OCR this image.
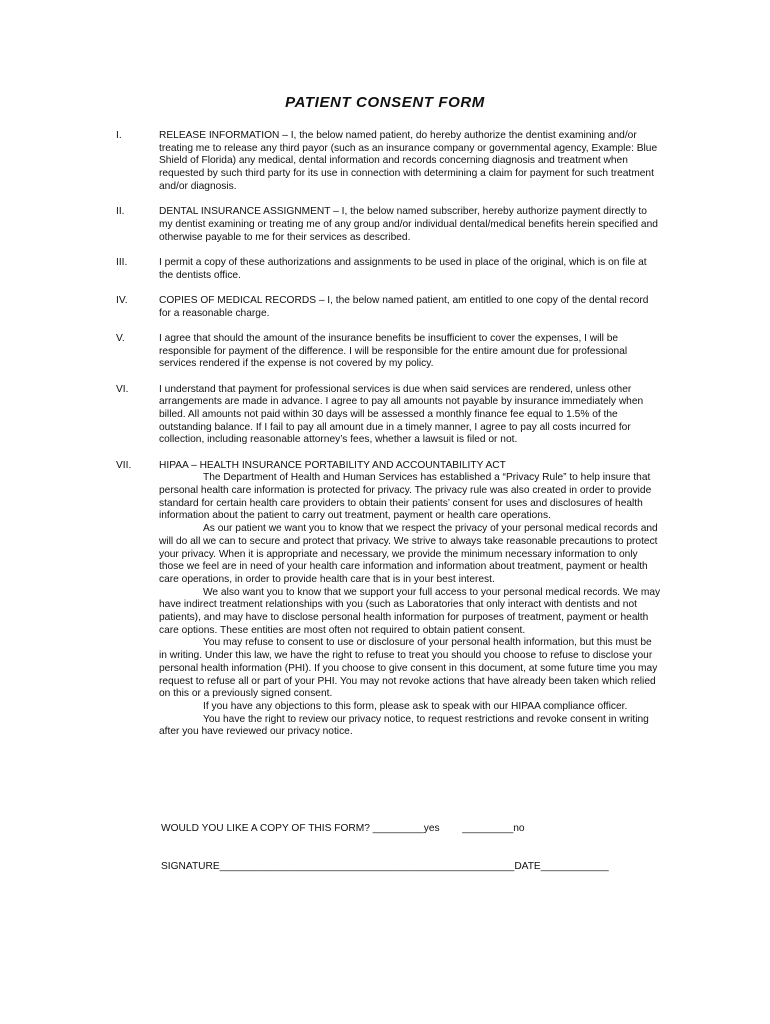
PATIENT CONSENT FORM
I.	RELEASE INFORMATION – I, the below named patient, do hereby authorize the dentist examining and/or treating me to release any third payor (such as an insurance company or governmental agency, Example: Blue Shield of Florida) any medical, dental information and records concerning diagnosis and treatment when requested by such third party for its use in connection with determining a claim for payment for such treatment and/or diagnosis.

II.	DENTAL INSURANCE ASSIGNMENT – I, the below named subscriber, hereby authorize payment directly to my dentist examining or treating me of any group and/or individual dental/medical benefits herein specified and otherwise payable to me for their services as described.

III.	I permit a copy of these authorizations and assignments to be used in place of the original, which is on file at the dentists office.

IV.	COPIES OF MEDICAL RECORDS – I, the below named patient, am entitled to one copy of the dental record for a reasonable charge.

V.	I agree that should the amount of the insurance benefits be insufficient to cover the expenses, I will be responsible for payment of the difference. I will be responsible for the entire amount due for professional services rendered if the expense is not covered by my policy.

VI.	I understand that payment for professional services is due when said services are rendered, unless other arrangements are made in advance. I agree to pay all amounts not payable by insurance immediately when billed. All amounts not paid within 30 days will be assessed a monthly finance fee equal to 1.5% of the outstanding balance. If I fail to pay all amount due in a timely manner, I agree to pay all costs incurred for collection, including reasonable attorney’s fees, whether a lawsuit is filed or not.

VII.	HIPAA – HEALTH INSURANCE PORTABILITY AND ACCOUNTABILITY ACT

The Department of Health and Human Services has established a “Privacy Rule” to help insure that personal health care information is protected for privacy. The privacy rule was also created in order to provide standard for certain health care providers to obtain their patients’ consent for uses and disclosures of health information about the patient to carry out treatment, payment or health care operations.

As our patient we want you to know that we respect the privacy of your personal medical records and will do all we can to secure and protect that privacy. We strive to always take reasonable precautions to protect your privacy. When it is appropriate and necessary, we provide the minimum necessary information to only those we feel are in need of your health care information and information about treatment, payment or health care operations, in order to provide health care that is in your best interest.

We also want you to know that we support your full access to your personal medical records. We may have indirect treatment relationships with you (such as Laboratories that only interact with dentists and not patients), and may have to disclose personal health information for purposes of treatment, payment or health care options. These entities are most often not required to obtain patient consent.

You may refuse to consent to use or disclosure of your personal health information, but this must be in writing. Under this law, we have the right to refuse to treat you should you choose to refuse to disclose your personal health information (PHI). If you choose to give consent in this document, at some future time you may request to refuse all or part of your PHI. You may not revoke actions that have already been taken which relied on this or a previously signed consent.

If you have any objections to this form, please ask to speak with our HIPAA compliance officer.

You have the right to review our privacy notice, to request restrictions and revoke consent in writing after you have reviewed our privacy notice.

WOULD YOU LIKE A COPY OF THIS FORM? _________yes _________no
SIGNATURE____________________________________________________DATE____________
